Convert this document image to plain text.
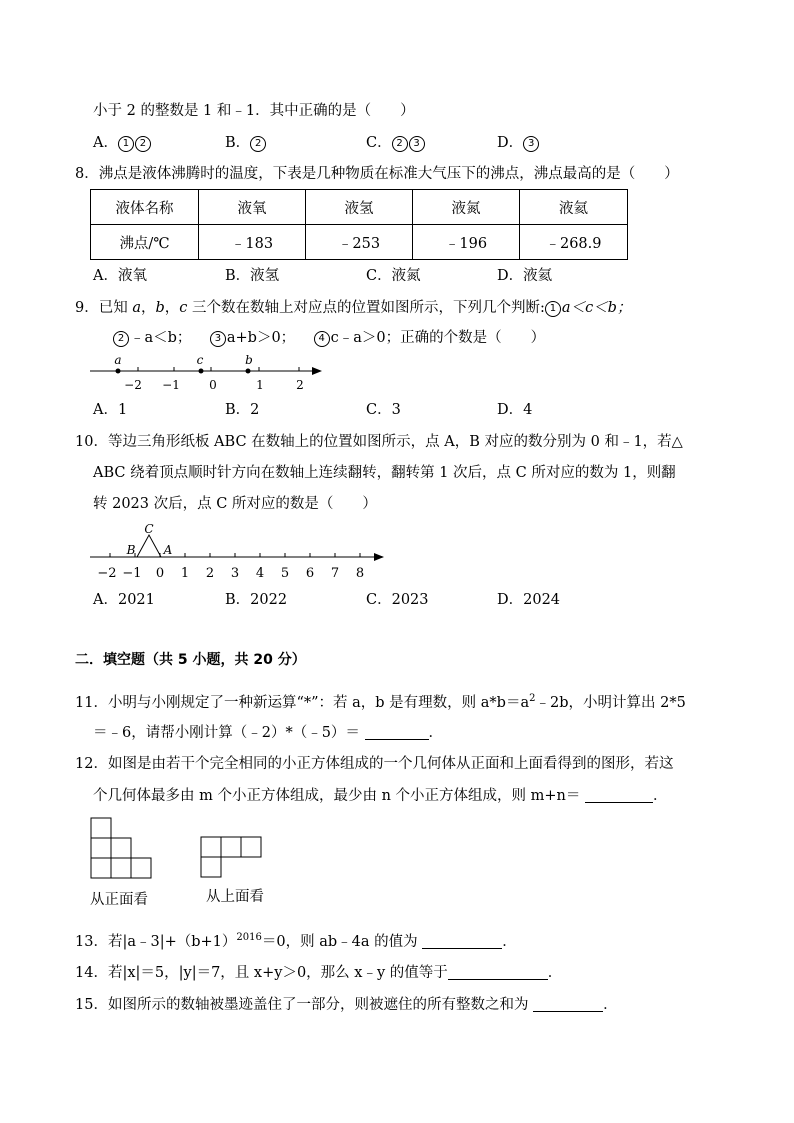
小于 2 的整数是 1 和﹣1．其中正确的是（　　）
A． 1 2	B． 2	C． 2 3	D． 3
8．沸点是液体沸腾时的温度，下表是几种物质在标准大气压下的沸点，沸点最高的是（　　）
液体名称	液氧	液氢	液氮	液氦
沸点/℃	﹣183	﹣253	﹣196	﹣268.9
A．液氧	B．液氢	C．液氮	D．液氦
9．已知 a，b，c 三个数在数轴上对应点的位置如图所示，下列几个判断: 1 a＜c＜b；
2 ﹣a＜b； 3 a+b＞0； 4 c﹣a＞0；正确的个数是（　　）
−2 −1 0	1	2
a	c	b
A．1	B．2	C．3	D．4
10．等边三角形纸板 ABC 在数轴上的位置如图所示，点 A，B 对应的数分别为 0 和﹣1，若△
ABC 绕着顶点顺时针方向在数轴上连续翻转，翻转第 1 次后，点 C 所对应的数为 1，则翻
转 2023 次后，点 C 所对应的数是（　　）
−2 −1 0 1 2 3 4 5 6 7 8
B
C
A
A．2021	B．2022	C．2023	D．2024
二．填空题（共 5 小题，共 20 分）
11．小明与小刚规定了一种新运算“*”：若 a，b 是有理数，则 $a*b=a^2﹣2b$，小明计算出 2*5
＝﹣6，请帮小刚计算（﹣2）*（﹣5）＝	．
12．如图是由若干个完全相同的小正方体组成的一个几何体从正面和上面看得到的图形，若这
个几何体最多由 m 个小正方体组成，最少由 n 个小正方体组成，则 m+n＝	．
从正面看	从上面看
13．若$|a﹣3|+(b+1)^{2016}=0$，则 ab﹣4a 的值为	．
14．若|x|＝5，|y|＝7，且 x+y＞0，那么 x﹣y 的值等于	．
15．如图所示的数轴被墨迹盖住了一部分，则被遮住的所有整数之和为	．
